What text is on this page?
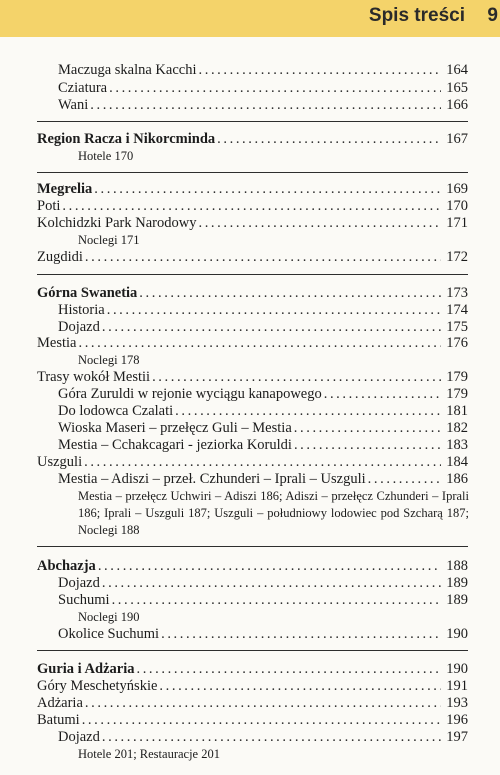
Spis treści 9
Maczuga skalna Kacchi .....	164
Cziatura .....	165
Wani .....	166
Region Racza i Nikorcminda .....	167
Hotele 170
Megrelia .....	169
Poti .....	170
Kolchidzki Park Narodowy .....	171
Noclegi 171
Zugdidi .....	172
Górna Swanetia .....	173
Historia .....	174
Dojazd .....	175
Mestia .....	176
Noclegi 178
Trasy wokół Mestii .....	179
Góra Zuruldi w rejonie wyciągu kanapowego .....	179
Do lodowca Czalati .....	181
Wioska Maseri – przełęcz Guli – Mestia .....	182
Mestia – Cchakcagari - jeziorka Koruldi .....	183
Uszguli .....	184
Mestia – Adiszi – przeł. Czhunderi – Iprali – Uszguli .....	186
Mestia – przełęcz Uchwiri – Adiszi 186; Adiszi – przełęcz Czhunderi – Iprali 186; Iprali – Uszguli 187; Uszguli – południowy lodowiec pod Szcharą 187; Noclegi 188
Abchazja .....	188
Dojazd .....	189
Suchumi .....	189
Noclegi 190
Okolice Suchumi .....	190
Guria i Adżaria .....	190
Góry Meschetyńskie .....	191
Adżaria .....	193
Batumi .....	196
Dojazd .....	197
Hotele 201; Restauracje 201
